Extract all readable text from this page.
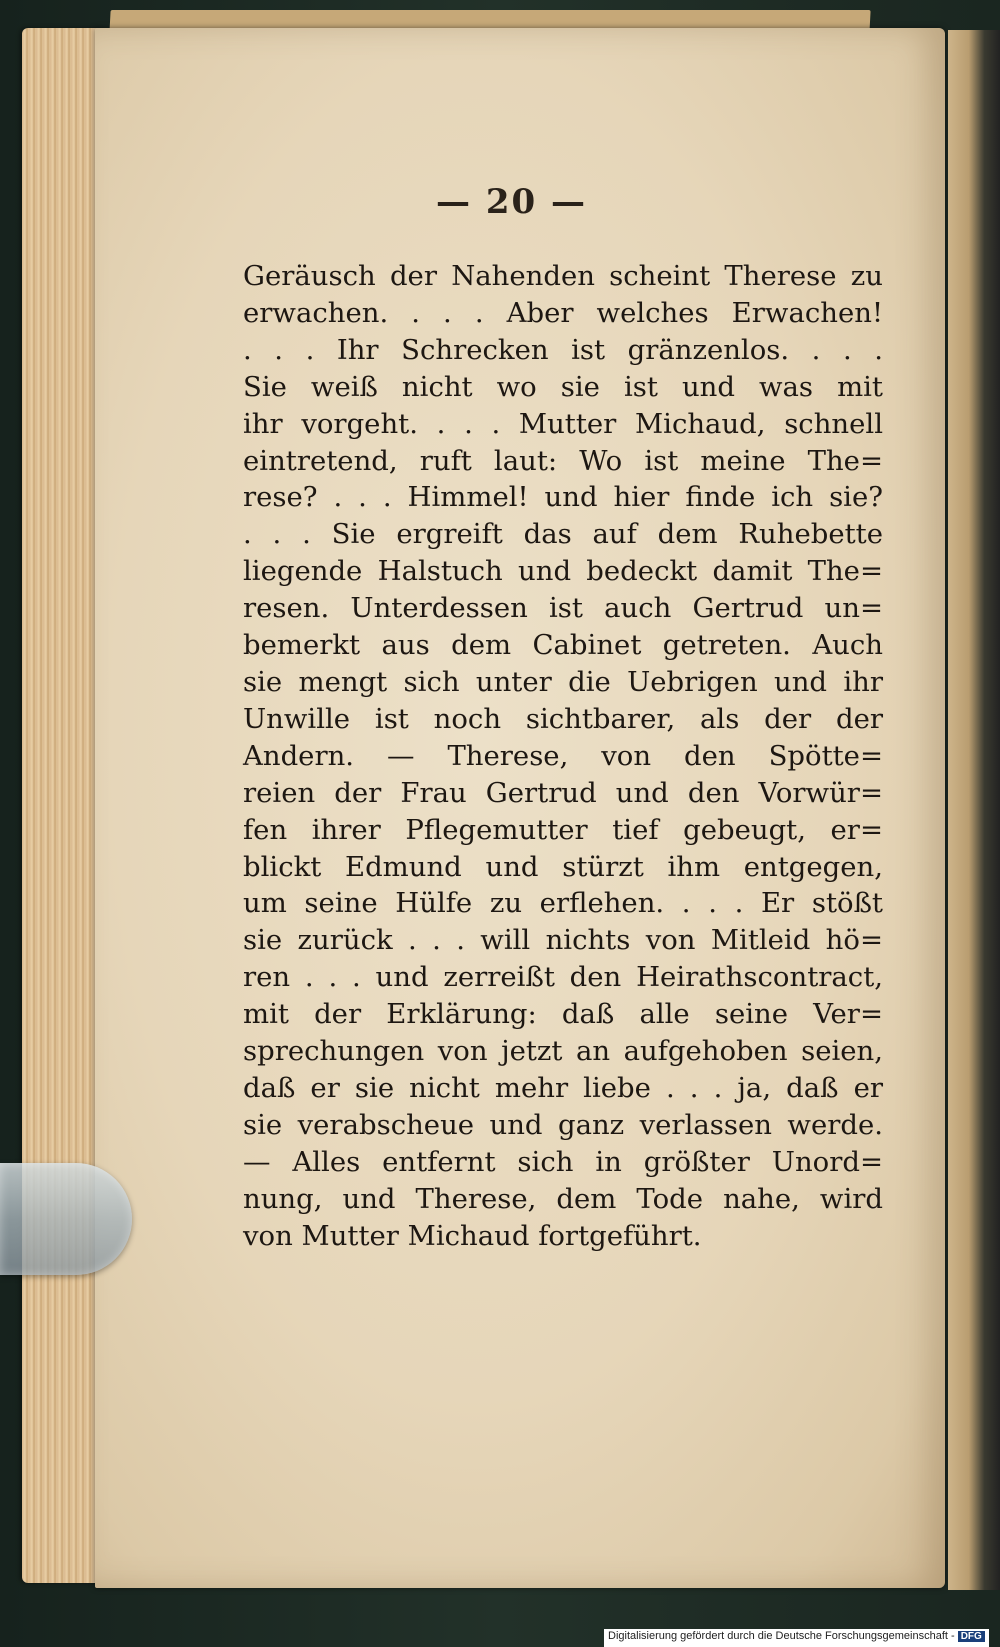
— 20 —
Geräusch der Nahenden scheint Therese zu
erwachen. . . . Aber welches Erwachen!
. . . Ihr Schrecken ist gränzenlos. . . .
Sie weiß nicht wo sie ist und was mit
ihr vorgeht. . . . Mutter Michaud, schnell
eintretend, ruft laut: Wo ist meine The=
rese? . . . Himmel! und hier finde ich sie?
. . . Sie ergreift das auf dem Ruhebette
liegende Halstuch und bedeckt damit The=
resen. Unterdessen ist auch Gertrud un=
bemerkt aus dem Cabinet getreten. Auch
sie mengt sich unter die Uebrigen und ihr
Unwille ist noch sichtbarer, als der der
Andern. — Therese, von den Spötte=
reien der Frau Gertrud und den Vorwür=
fen ihrer Pflegemutter tief gebeugt, er=
blickt Edmund und stürzt ihm entgegen,
um seine Hülfe zu erflehen. . . . Er stößt
sie zurück . . . will nichts von Mitleid hö=
ren . . . und zerreißt den Heirathscontract,
mit der Erklärung: daß alle seine Ver=
sprechungen von jetzt an aufgehoben seien,
daß er sie nicht mehr liebe . . . ja, daß er
sie verabscheue und ganz verlassen werde.
— Alles entfernt sich in größter Unord=
nung, und Therese, dem Tode nahe, wird
von Mutter Michaud fortgeführt.
Digitalisierung gefördert durch die Deutsche Forschungsgemeinschaft - DFG
